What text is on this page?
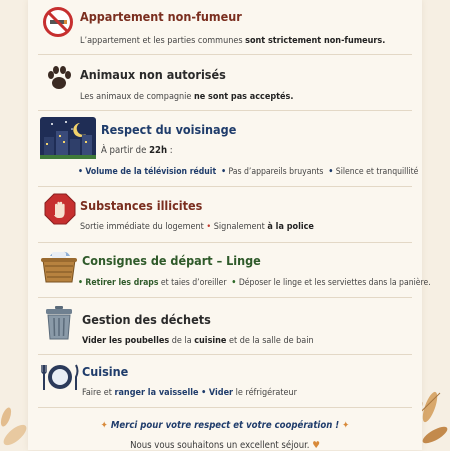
Appartement non-fumeur
L’appartement et les parties communes sont strictement non-fumeurs.
Animaux non autorisés
Les animaux de compagnie ne sont pas acceptés.
Respect du voisinage
À partir de 22h :
• Volume de la télévision réduit • Pas d’appareils bruyants • Silence et tranquillité
Substances illicites
Sortie immédiate du logement • Signalement à la police
Consignes de départ – Linge
• Retirer les draps et taies d’oreiller • Déposer le linge et les serviettes dans la panière.
Gestion des déchets
Vider les poubelles de la cuisine et de la salle de bain
Cuisine
Faire et ranger la vaisselle • Vider le réfrigérateur
✦ Merci pour votre respect et votre coopération ! ✦
Nous vous souhaitons un excellent séjour. ♥
